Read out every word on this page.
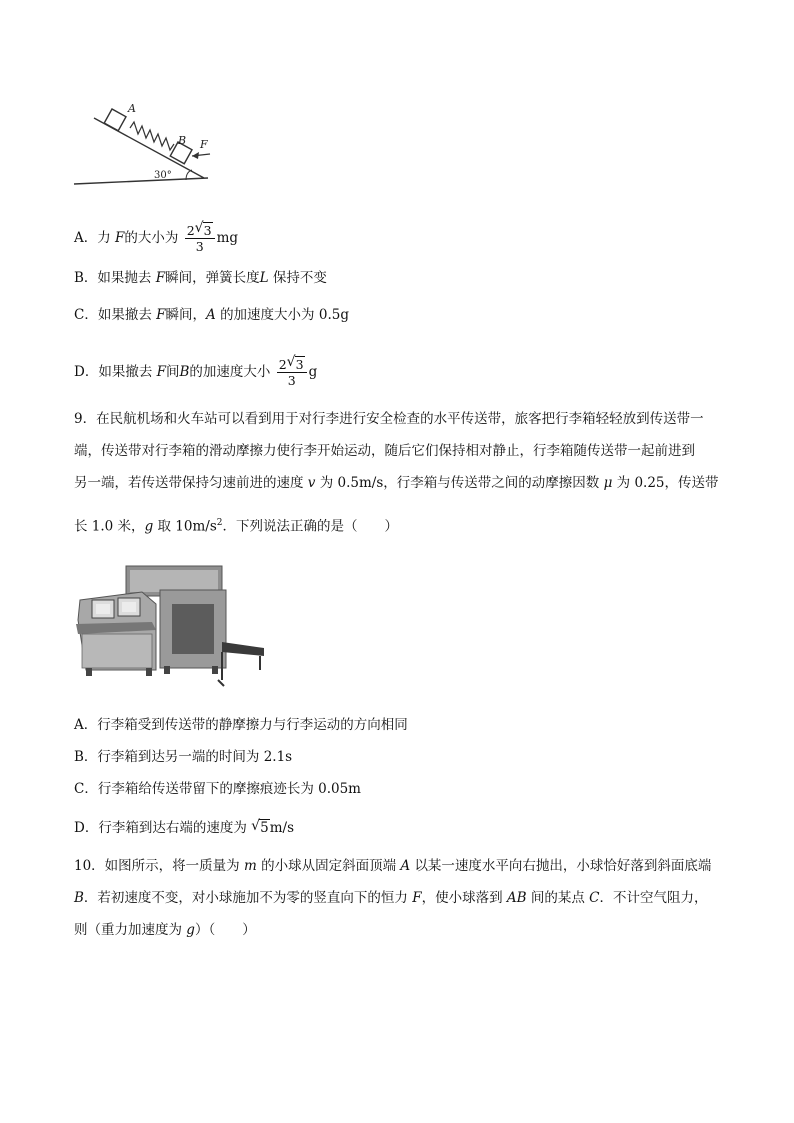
A
B F
30°
A．力 F的大小为 $\frac{2 √ 3}{3}$ mg
B．如果抛去 F瞬间，弹簧长度L 保持不变
C．如果撤去 F瞬间，A 的加速度大小为 0.5g
D．如果撤去 F间B的加速度大小 $\frac{2 √ 3}{3}$ g
9．在民航机场和火车站可以看到用于对行李进行安全检查的水平传送带，旅客把行李箱轻轻放到传送带一
端，传送带对行李箱的滑动摩擦力使行李开始运动，随后它们保持相对静止，行李箱随传送带一起前进到
另一端，若传送带保持匀速前进的速度 v 为 0.5m/s，行李箱与传送带之间的动摩擦因数 μ 为 0.25，传送带
长 1.0 米，g 取 $10m/s^2$．下列说法正确的是（　　）
A．行李箱受到传送带的静摩擦力与行李运动的方向相同
B．行李箱到达另一端的时间为 2.1s
C．行李箱给传送带留下的摩擦痕迹长为 0.05m
D．行李箱到达右端的速度为 √ 5m/s
10．如图所示，将一质量为 m 的小球从固定斜面顶端 A 以某一速度水平向右抛出，小球恰好落到斜面底端
B．若初速度不变，对小球施加不为零的竖直向下的恒力 F，使小球落到 AB 间的某点 C．不计空气阻力，
则（重力加速度为 g）（　　）
